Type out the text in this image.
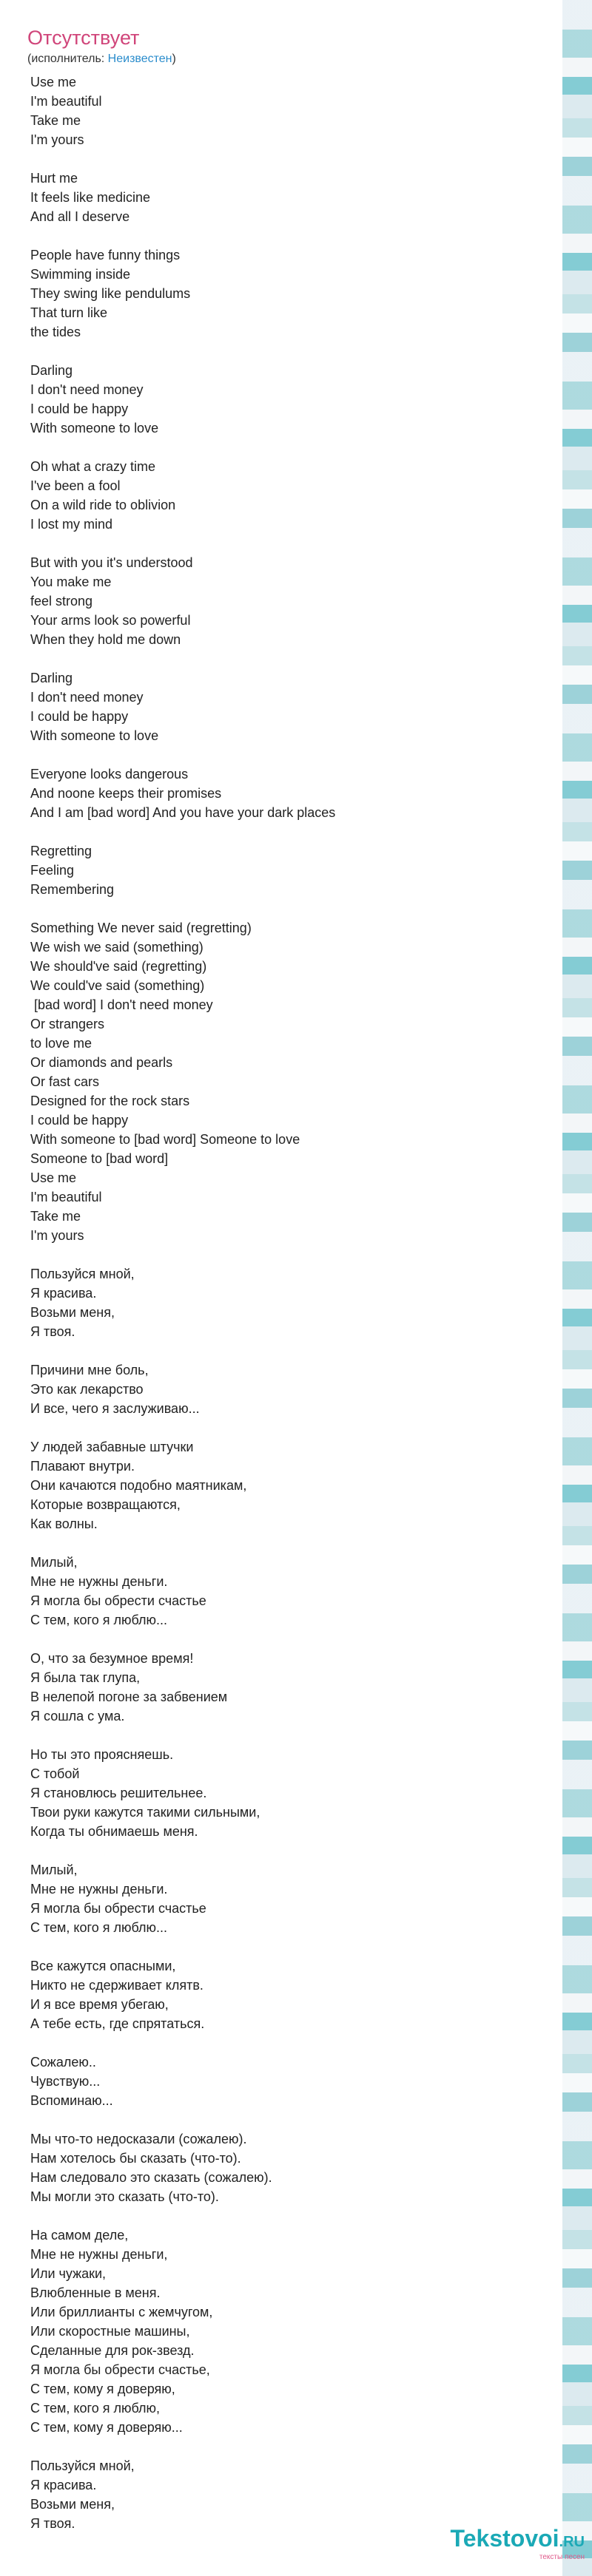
Отсутствует
(исполнитель: Неизвестен)
Use me
I'm beautiful
Take me
I'm yours

Hurt me
It feels like medicine
And all I deserve

People have funny things
Swimming inside
They swing like pendulums
That turn like
the tides

Darling
I don't need money
I could be happy
With someone to love

Oh what a crazy time
I've been a fool
On a wild ride to oblivion
I lost my mind

But with you it's understood
You make me
feel strong
Your arms look so powerful
When they hold me down

Darling
I don't need money
I could be happy
With someone to love

Everyone looks dangerous
And noone keeps their promises
And I am [bad word] And you have your dark places

Regretting
Feeling
Remembering

Something We never said (regretting)
We wish we said (something)
We should've said (regretting)
We could've said (something)
[bad word] I don't need money
Or strangers
to love me
Or diamonds and pearls
Or fast cars
Designed for the rock stars
I could be happy
With someone to [bad word] Someone to love
Someone to [bad word]
Use me
I'm beautiful
Take me
I'm yours

Пользуйся мной,
Я красива.
Возьми меня,
Я твоя.

Причини мне боль,
Это как лекарство
И все, чего я заслуживаю...

У людей забавные штучки
Плавают внутри.
Они качаются подобно маятникам,
Которые возвращаются,
Как волны.

Милый,
Мне не нужны деньги.
Я могла бы обрести счастье
С тем, кого я люблю...

О, что за безумное время!
Я была так глупа,
В нелепой погоне за забвением
Я сошла с ума.

Но ты это проясняешь.
С тобой
Я становлюсь решительнее.
Твои руки кажутся такими сильными,
Когда ты обнимаешь меня.

Милый,
Мне не нужны деньги.
Я могла бы обрести счастье
С тем, кого я люблю...

Все кажутся опасными,
Никто не сдерживает клятв.
И я все время убегаю,
А тебе есть, где спрятаться.

Сожалею..
Чувствую...
Вспоминаю...

Мы что-то недосказали (сожалею).
Нам хотелось бы сказать (что-то).
Нам следовало это сказать (сожалею).
Мы могли это сказать (что-то).

На самом деле,
Мне не нужны деньги,
Или чужаки,
Влюбленные в меня.
Или бриллианты с жемчугом,
Или скоростные машины,
Сделанные для рок-звезд.
Я могла бы обрести счастье,
С тем, кому я доверяю,
С тем, кого я люблю,
С тем, кому я доверяю...

Пользуйся мной,
Я красива.
Возьми меня,
Я твоя.
Tekstovoi.RU
тексты песен
